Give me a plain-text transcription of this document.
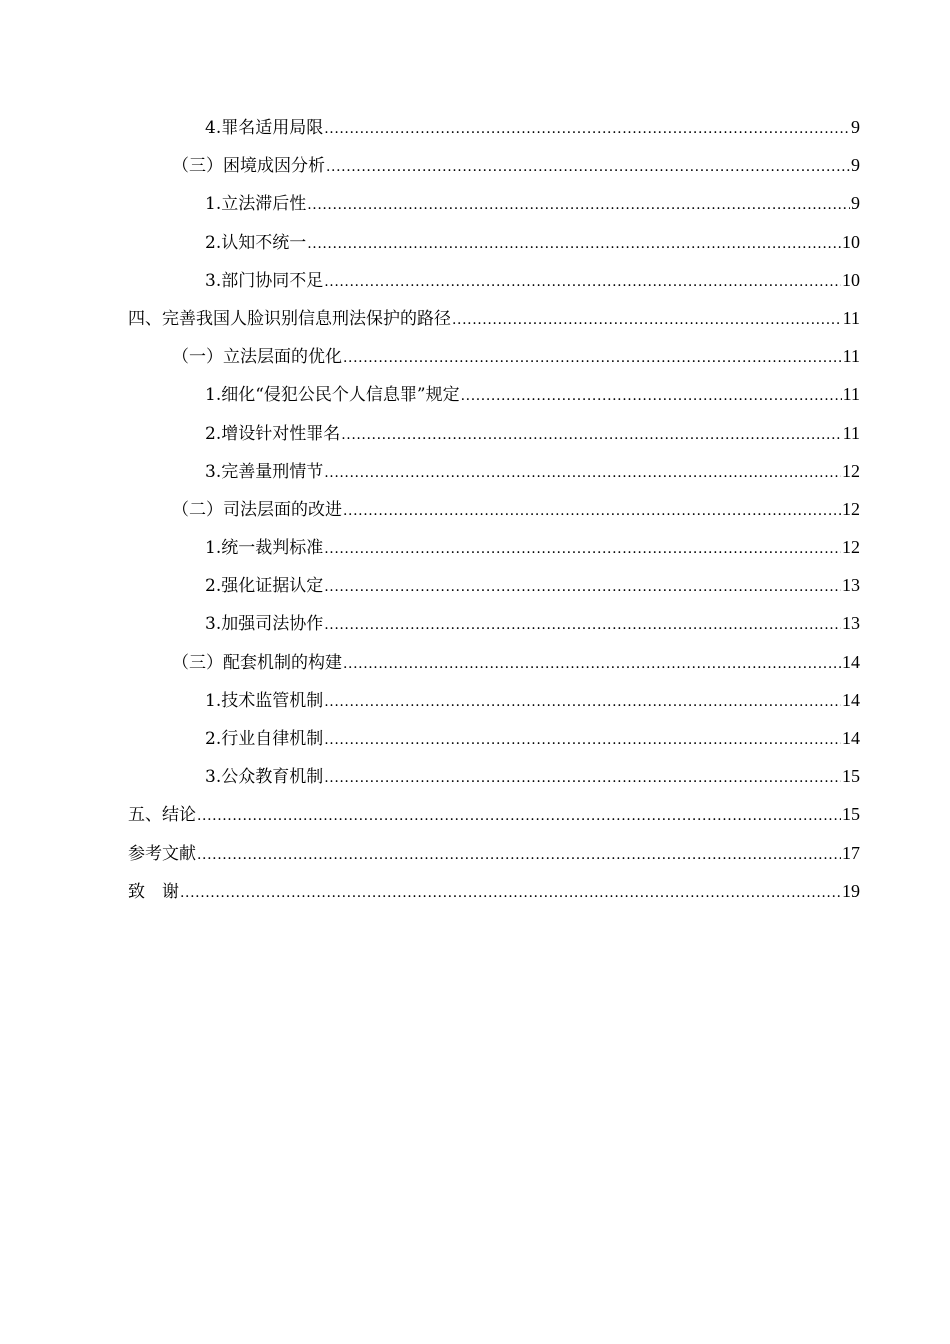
4.罪名适用局限 .....	9
（三）困境成因分析 .....	9
1.立法滞后性 .....	9
2.认知不统一 .....	10
3.部门协同不足 .....	10
四、完善我国人脸识别信息刑法保护的路径 .....	11
（一）立法层面的优化 .....	11
1.细化“侵犯公民个人信息罪”规定 .....	11
2.增设针对性罪名 .....	11
3.完善量刑情节 .....	12
（二）司法层面的改进 .....	12
1.统一裁判标准 .....	12
2.强化证据认定 .....	13
3.加强司法协作 .....	13
（三）配套机制的构建 .....	14
1.技术监管机制 .....	14
2.行业自律机制 .....	14
3.公众教育机制 .....	15
五、结论 .....	15
参考文献 .....	17
致　谢 .....	19
